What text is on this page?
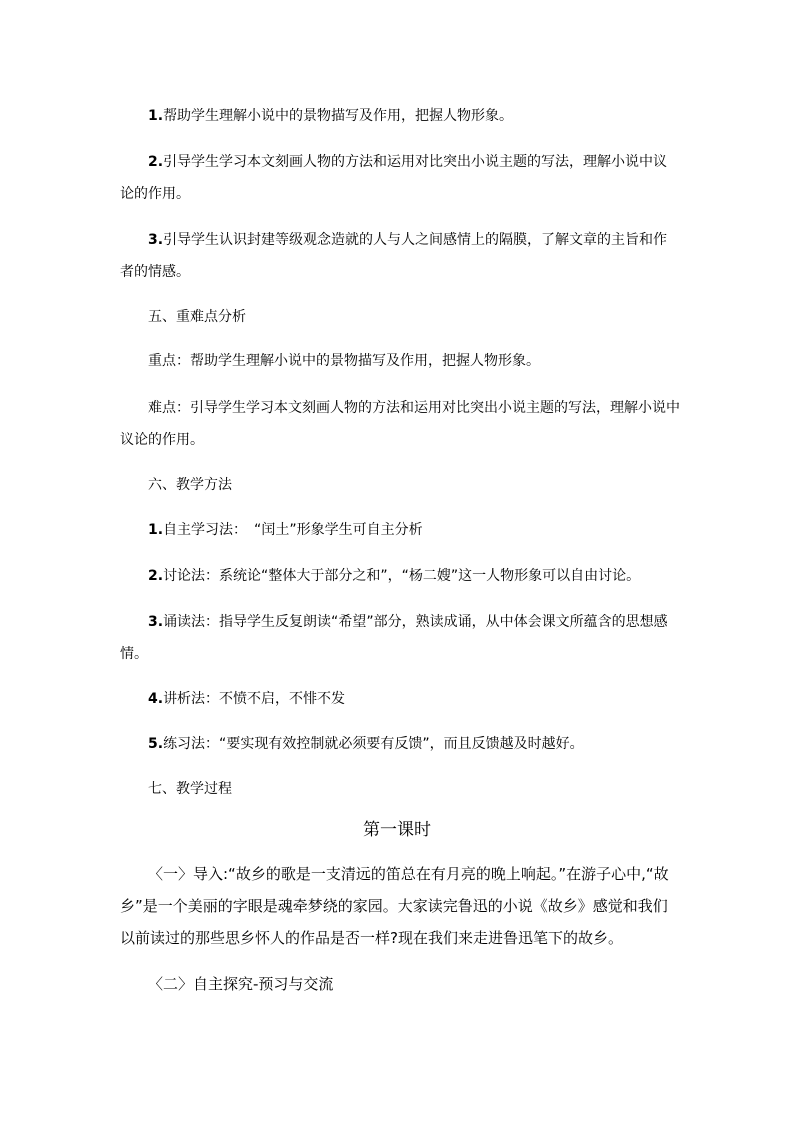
1.帮助学生理解小说中的景物描写及作用，把握人物形象。

2.引导学生学习本文刻画人物的方法和运用对比突出小说主题的写法，理解小说中议论的作用。

3.引导学生认识封建等级观念造就的人与人之间感情上的隔膜，了解文章的主旨和作者的情感。

五、重难点分析

重点：帮助学生理解小说中的景物描写及作用，把握人物形象。

难点：引导学生学习本文刻画人物的方法和运用对比突出小说主题的写法，理解小说中议论的作用。

六、教学方法

1.自主学习法：　“闰土”形象学生可自主分析

2.讨论法：系统论“整体大于部分之和”，“杨二嫂”这一人物形象可以自由讨论。

3.诵读法：指导学生反复朗读“希望”部分，熟读成诵，从中体会课文所蕴含的思想感情。

4.讲析法：不愤不启，不悱不发

5.练习法：“要实现有效控制就必须要有反馈”，而且反馈越及时越好。

七、教学过程

第一课时

〈一〉导入:“故乡的歌是一支清远的笛总在有月亮的晚上响起。”在游子心中,“故乡”是一个美丽的字眼是魂牵梦绕的家园。大家读完鲁迅的小说《故乡》感觉和我们以前读过的那些思乡怀人的作品是否一样?现在我们来走进鲁迅笔下的故乡。

〈二〉自主探究-预习与交流
